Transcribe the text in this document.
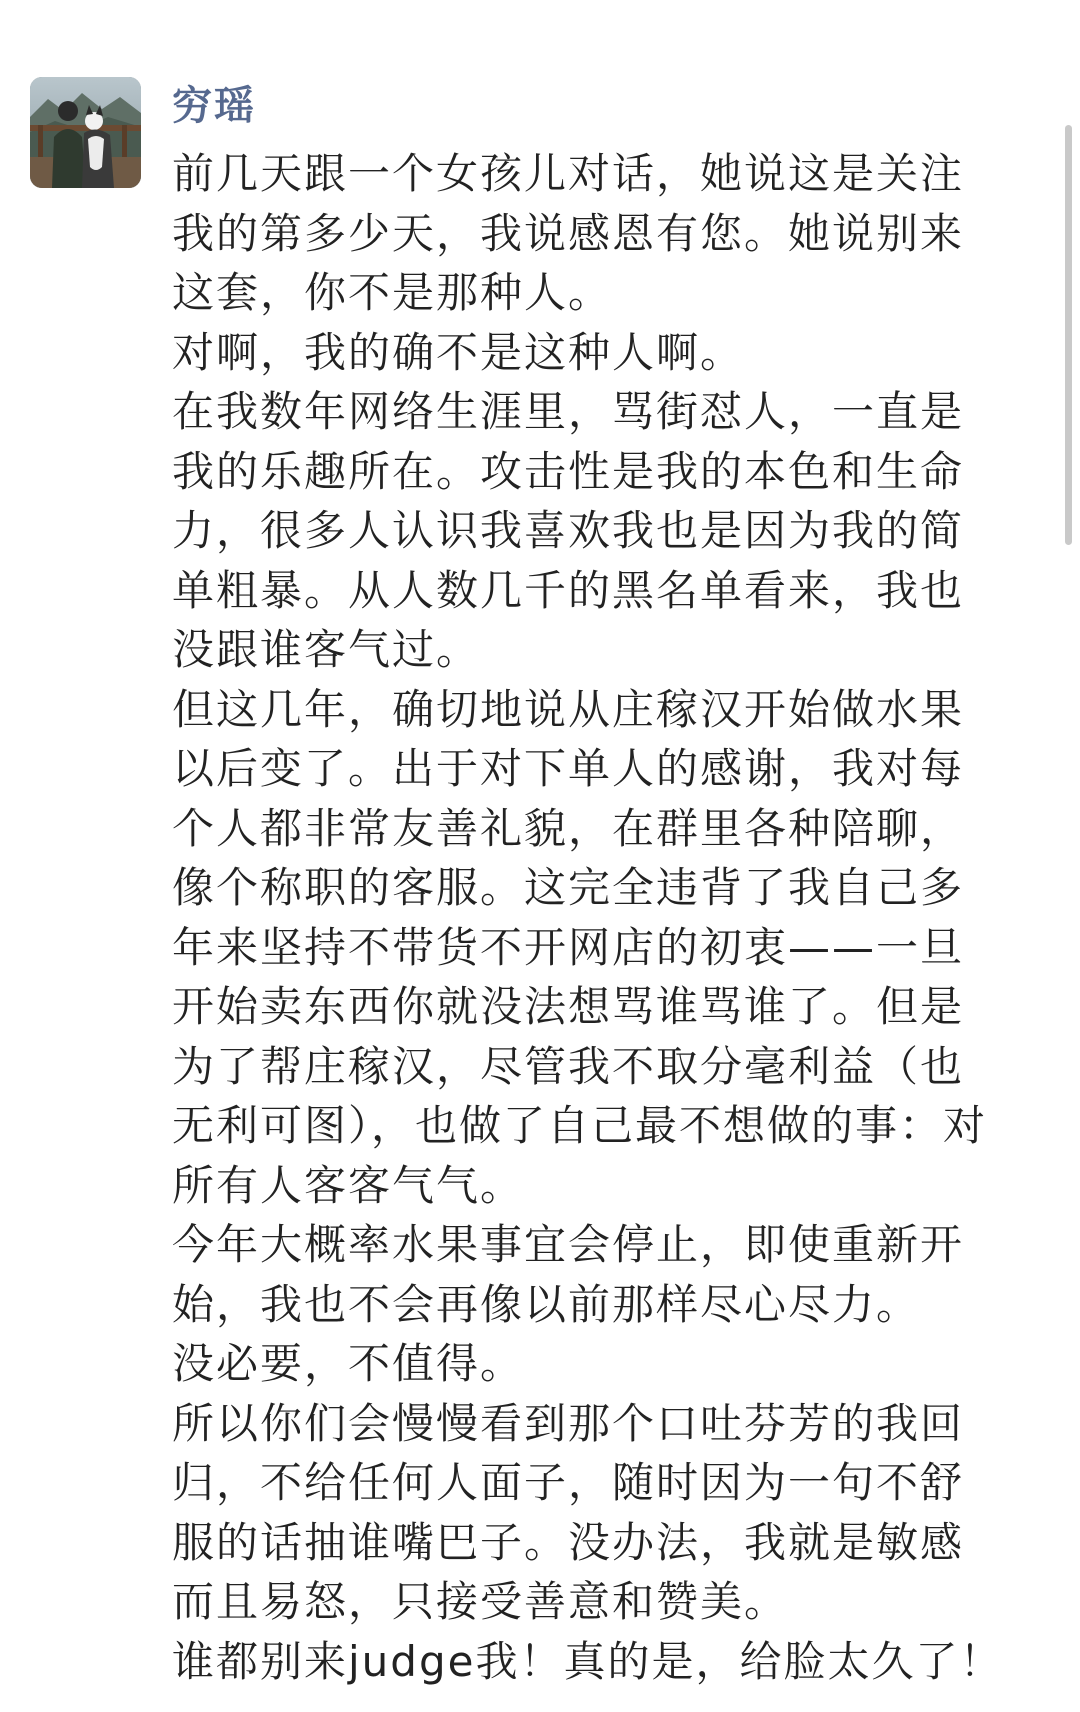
穷瑶
前几天跟一个女孩儿对话，她说这是关注
我的第多少天，我说感恩有您。她说别来
这套，你不是那种人。
对啊，我的确不是这种人啊。
在我数年网络生涯里，骂街怼人，一直是
我的乐趣所在。攻击性是我的本色和生命
力，很多人认识我喜欢我也是因为我的简
单粗暴。从人数几千的黑名单看来，我也
没跟谁客气过。
但这几年，确切地说从庄稼汉开始做水果
以后变了。出于对下单人的感谢，我对每
个人都非常友善礼貌，在群里各种陪聊，
像个称职的客服。这完全违背了我自己多
年来坚持不带货不开网店的初衷——一旦
开始卖东西你就没法想骂谁骂谁了。但是
为了帮庄稼汉，尽管我不取分毫利益（也
无利可图），也做了自己最不想做的事：对
所有人客客气气。
今年大概率水果事宜会停止，即使重新开
始，我也不会再像以前那样尽心尽力。
没必要，不值得。
所以你们会慢慢看到那个口吐芬芳的我回
归，不给任何人面子，随时因为一句不舒
服的话抽谁嘴巴子。没办法，我就是敏感
而且易怒，只接受善意和赞美。
谁都别来judge我！真的是，给脸太久了！
